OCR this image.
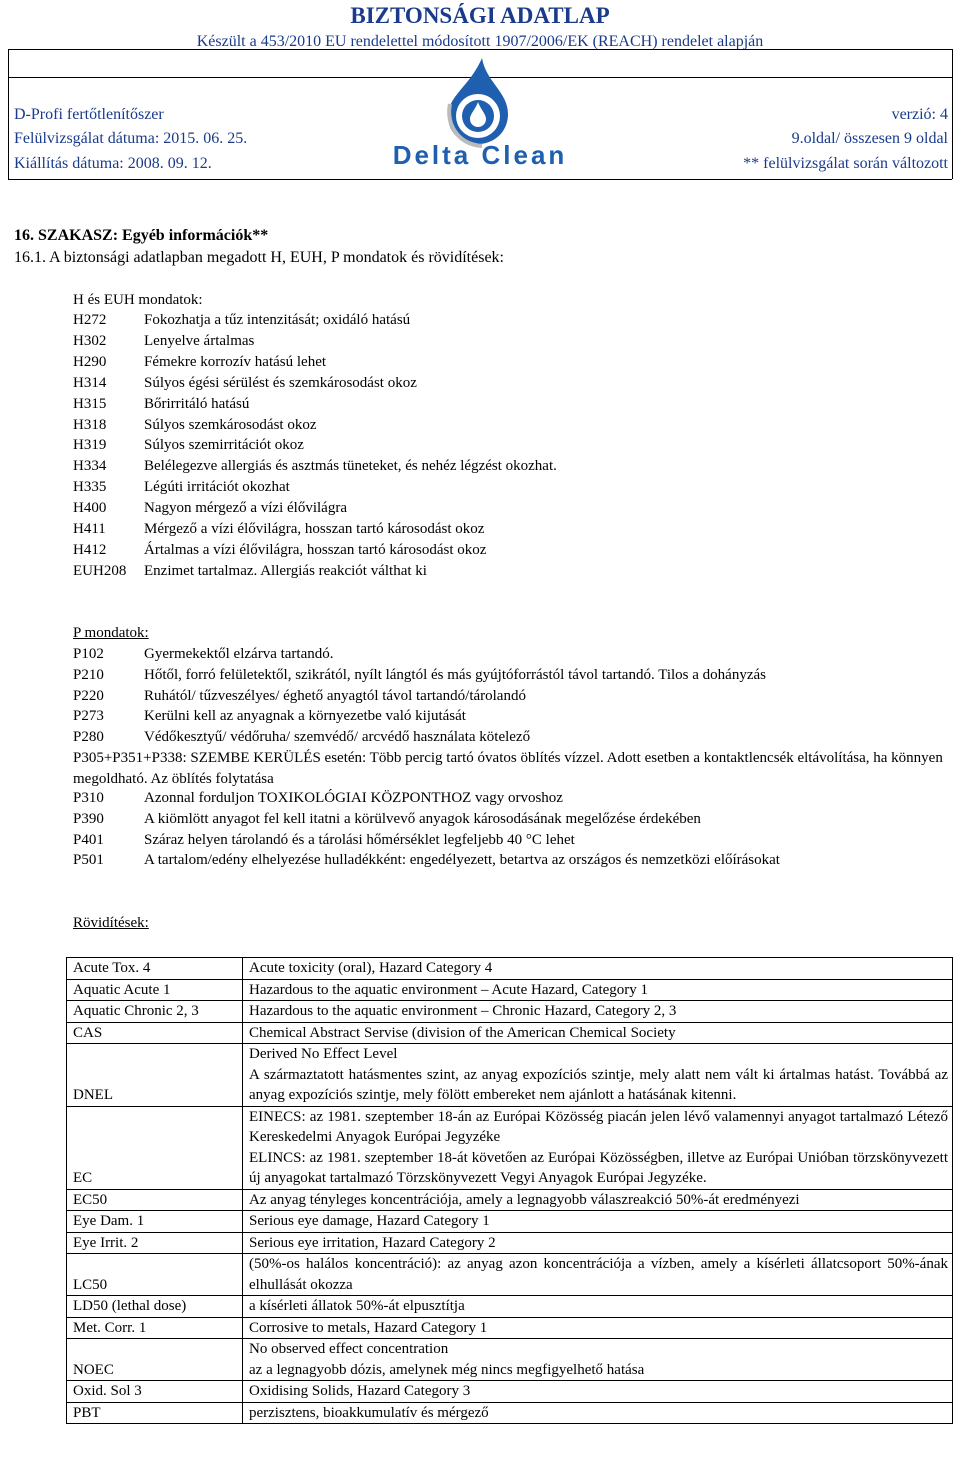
BIZTONSÁGI ADATLAP
Készült a 453/2010 EU rendelettel módosított 1907/2006/EK (REACH) rendelet alapján
D-Profi fertőtlenítőszer
Felülvizsgálat dátuma: 2015. 06. 25.
Kiállítás dátuma: 2008. 09. 12.
verzió: 4
9.oldal/ összesen 9 oldal
** felülvizsgálat során változott
Delta Clean
16. SZAKASZ: Egyéb információk**
16.1. A biztonsági adatlapban megadott H, EUH, P mondatok és rövidítések:
H és EUH mondatok:
H272	Fokozhatja a tűz intenzitását; oxidáló hatású
H302	Lenyelve ártalmas
H290	Fémekre korrozív hatású lehet
H314	Súlyos égési sérülést és szemkárosodást okoz
H315	Bőrirritáló hatású
H318	Súlyos szemkárosodást okoz
H319	Súlyos szemirritációt okoz
H334	Belélegezve allergiás és asztmás tüneteket, és nehéz légzést okozhat.
H335	Légúti irritációt okozhat
H400	Nagyon mérgező a vízi élővilágra
H411	Mérgező a vízi élővilágra, hosszan tartó károsodást okoz
H412	Ártalmas a vízi élővilágra, hosszan tartó károsodást okoz
EUH208 Enzimet tartalmaz. Allergiás reakciót válthat ki
P mondatok:
P102	Gyermekektől elzárva tartandó.
P210	Hőtől, forró felületektől, szikrától, nyílt lángtól és más gyújtóforrástól távol tartandó. Tilos a dohányzás
P220	Ruhától/ tűzveszélyes/ éghető anyagtól távol tartandó/tárolandó
P273	Kerülni kell az anyagnak a környezetbe való kijutását
P280	Védőkesztyű/ védőruha/ szemvédő/ arcvédő használata kötelező
P305+P351+P338: SZEMBE KERÜLÉS esetén: Több percig tartó óvatos öblítés vízzel. Adott esetben a kontaktlencsék eltávolítása, ha könnyen megoldható. Az öblítés folytatása
P310	Azonnal forduljon TOXIKOLÓGIAI KÖZPONTHOZ vagy orvoshoz
P390	A kiömlött anyagot fel kell itatni a körülvevő anyagok károsodásának megelőzése érdekében
P401	Száraz helyen tárolandó és a tárolási hőmérséklet legfeljebb 40 °C lehet
P501	A tartalom/edény elhelyezése hulladékként: engedélyezett, betartva az országos és nemzetközi előírásokat
Rövidítések:
Acute Tox. 4	Acute toxicity (oral), Hazard Category 4

Aquatic Acute 1	Hazardous to the aquatic environment – Acute Hazard, Category 1

Aquatic Chronic 2, 3	Hazardous to the aquatic environment – Chronic Hazard, Category 2, 3

CAS	Chemical Abstract Servise (division of the American Chemical Society

DNEL	Derived No Effect Level
A származtatott hatásmentes szint, az anyag expozíciós szintje, mely alatt nem vált ki ártalmas hatást. Továbbá az anyag expozíciós szintje, mely fölött embereket nem ajánlott a hatásának kitenni.

EC	EINECS: az 1981. szeptember 18-án az Európai Közösség piacán jelen lévő valamennyi anyagot tartalmazó Létező Kereskedelmi Anyagok Európai Jegyzéke
ELINCS: az 1981. szeptember 18-át követően az Európai Közösségben, illetve az Európai Unióban törzskönyvezett új anyagokat tartalmazó Törzskönyvezett Vegyi Anyagok Európai Jegyzéke.

EC50	Az anyag tényleges koncentrációja, amely a legnagyobb válaszreakció 50%-át eredményezi

Eye Dam. 1	Serious eye damage, Hazard Category 1

Eye Irrit. 2	Serious eye irritation, Hazard Category 2

LC50	(50%-os halálos koncentráció): az anyag azon koncentrációja a vízben, amely a kísérleti állatcsoport 50%-ának elhullását okozza

LD50 (lethal dose)	a kísérleti állatok 50%-át elpusztítja

Met. Corr. 1	Corrosive to metals, Hazard Category 1

NOEC	No observed effect concentration
az a legnagyobb dózis, amelynek még nincs megfigyelhető hatása

Oxid. Sol 3	Oxidising Solids, Hazard Category 3

PBT	perzisztens, bioakkumulatív és mérgező
